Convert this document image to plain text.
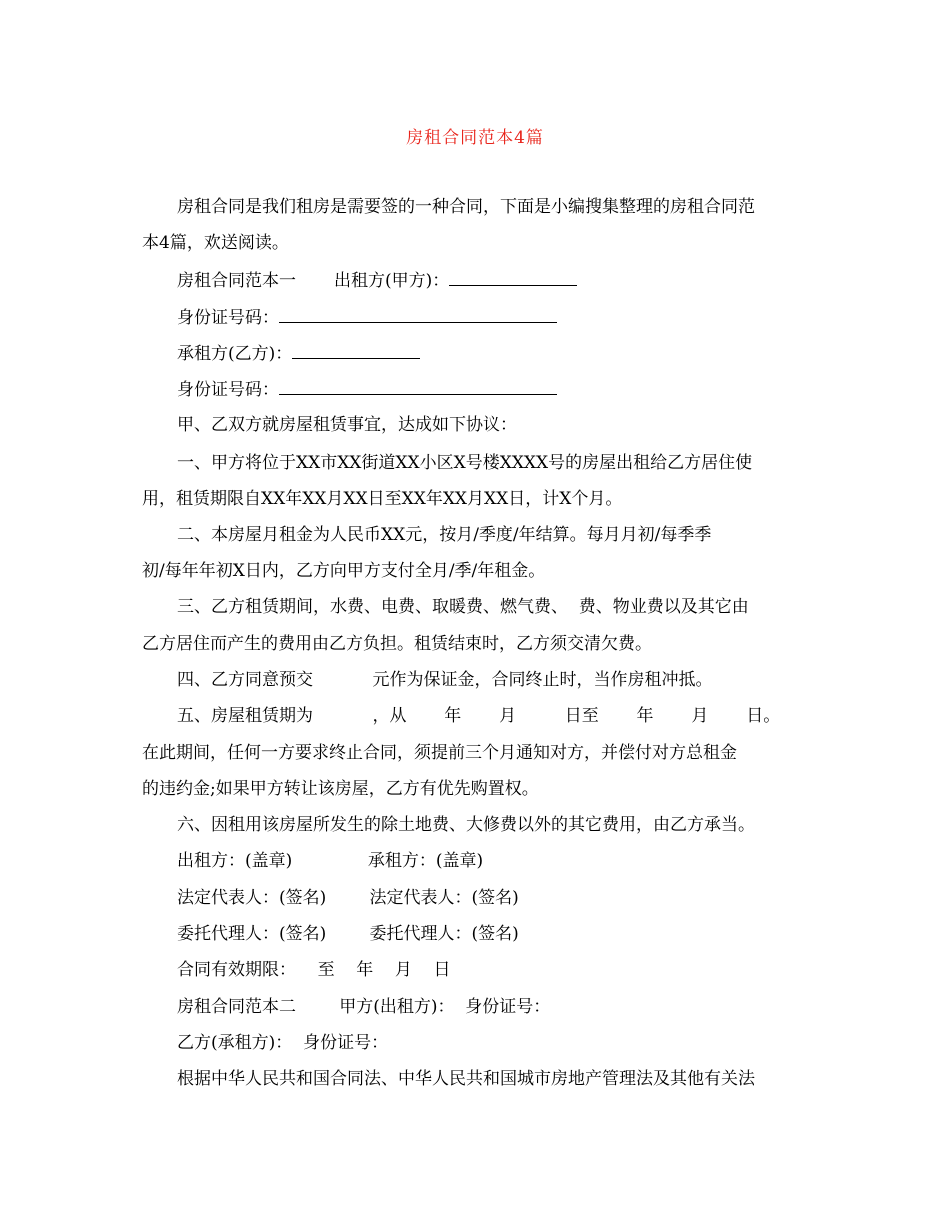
房租合同范本4篇
房租合同是我们租房是需要签的一种合同，下面是小编搜集整理的房租合同范
本4篇，欢送阅读。
房租合同范本一 出租方(甲方)：
身份证号码：
承租方(乙方)：
身份证号码：
甲、乙双方就房屋租赁事宜，达成如下协议：
一、甲方将位于XX市XX街道XX小区X号楼XXXX号的房屋出租给乙方居住使
用，租赁期限自XX年XX月XX日至XX年XX月XX日，计X个月。
二、本房屋月租金为人民币XX元，按月/季度/年结算。每月月初/每季季
初/每年年初X日内，乙方向甲方支付全月/季/年租金。
三、乙方租赁期间，水费、电费、取暖费、燃气费、  费、物业费以及其它由
乙方居住而产生的费用由乙方负担。租赁结束时，乙方须交清欠费。
四、乙方同意预交           元作为保证金，合同终止时，当作房租冲抵。
五、房屋租赁期为           ，从       年       月         日至       年       月       日。
在此期间，任何一方要求终止合同，须提前三个月通知对方，并偿付对方总租金
的违约金;如果甲方转让该房屋，乙方有优先购置权。
六、因租用该房屋所发生的除土地费、大修费以外的其它费用，由乙方承当。
出租方：(盖章)              承租方：(盖章)
法定代表人：(签名)        法定代表人：(签名)
委托代理人：(签名)        委托代理人：(签名)
合同有效期限：    至    年    月    日
房租合同范本二        甲方(出租方)：  身份证号：
乙方(承租方)：  身份证号：
根据中华人民共和国合同法、中华人民共和国城市房地产管理法及其他有关法
